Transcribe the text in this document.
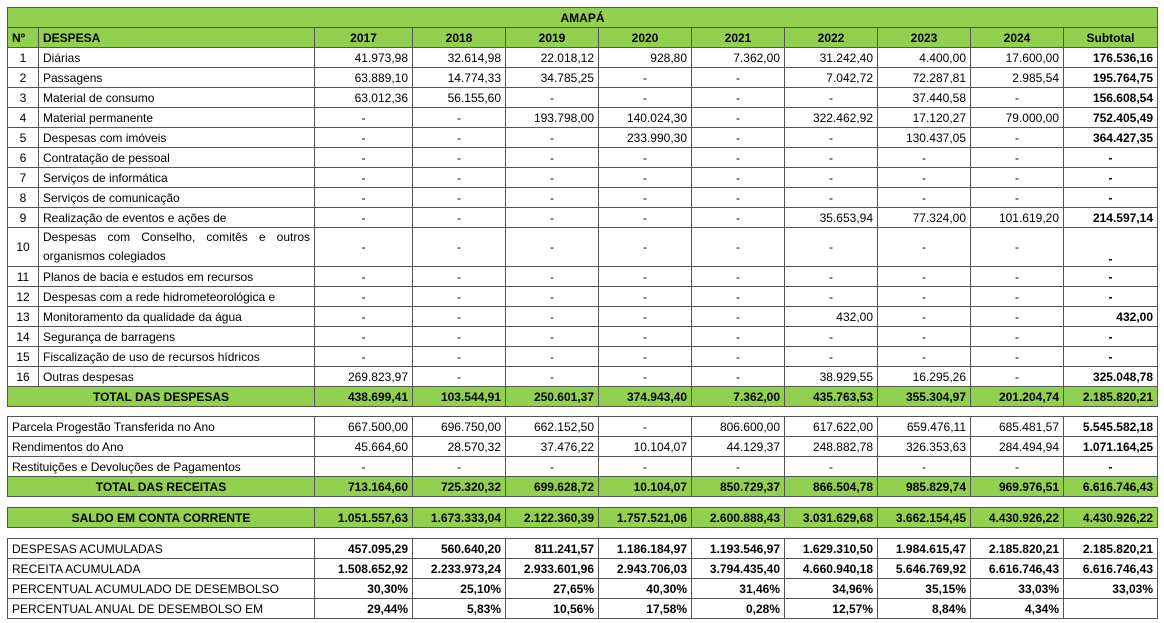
AMAPÁ										
Nº	DESPESA	2017	2018	2019	2020	2021	2022	2023	2024	Subtotal
1	Diárias	41.973,98	32.614,98	22.018,12	928,80	7.362,00	31.242,40	4.400,00	17.600,00	176.536,16
2	Passagens	63.889,10	14.774,33	34.785,25	-	-	7.042,72	72.287,81	2.985,54	195.764,75
3	Material de consumo	63.012,36	56.155,60	-	-	-	-	37.440,58	-	156.608,54
4	Material permanente	-	-	193.798,00	140.024,30	-	322.462,92	17.120,27	79.000,00	752.405,49
5	Despesas com imóveis	-	-	-	233.990,30	-	-	130.437,05	-	364.427,35
6	Contratação de pessoal	-	-	-	-	-	-	-	-	-
7	Serviços de informática	-	-	-	-	-	-	-	-	-
8	Serviços de comunicação	-	-	-	-	-	-	-	-	-
9	Realização de eventos e ações de	-	-	-	-	-	35.653,94	77.324,00	101.619,20	214.597,14
10	Despesas com Conselho, comitês e outros organismos colegiados	-	-	-	-	-	-	-	-	-
11	Planos de bacia e estudos em recursos	-	-	-	-	-	-	-	-	-
12	Despesas com a rede hidrometeorológica e	-	-	-	-	-	-	-	-	-
13	Monitoramento da qualidade da água	-	-	-	-	-	432,00	-	-	432,00
14	Segurança de barragens	-	-	-	-	-	-	-	-	-
15	Fiscalização de uso de recursos hídricos	-	-	-	-	-	-	-	-	-
16	Outras despesas	269.823,97	-	-	-	-	38.929,55	16.295,26	-	325.048,78
TOTAL DAS DESPESAS		438.699,41	103.544,91	250.601,37	374.943,40	7.362,00	435.763,53	355.304,97	201.204,74	2.185.820,21
Parcela Progestão Transferida no Ano	667.500,00	696.750,00	662.152,50	-	806.600,00	617.622,00	659.476,11	685.481,57	5.545.582,18
Rendimentos do Ano	45.664,60	28.570,32	37.476,22	10.104,07	44.129,37	248.882,78	326.353,63	284.494,94	1.071.164,25
Restituições e Devoluções de Pagamentos	-	-	-	-	-	-	-	-	-
TOTAL DAS RECEITAS	713.164,60	725.320,32	699.628,72	10.104,07	850.729,37	866.504,78	985.829,74	969.976,51	6.616.746,43
SALDO EM CONTA CORRENTE	1.051.557,63	1.673.333,04	2.122.360,39	1.757.521,06	2.600.888,43	3.031.629,68	3.662.154,45	4.430.926,22	4.430.926,22
DESPESAS ACUMULADAS	457.095,29	560.640,20	811.241,57	1.186.184,97	1.193.546,97	1.629.310,50	1.984.615,47	2.185.820,21	2.185.820,21
RECEITA ACUMULADA	1.508.652,92	2.233.973,24	2.933.601,96	2.943.706,03	3.794.435,40	4.660.940,18	5.646.769,92	6.616.746,43	6.616.746,43
PERCENTUAL ACUMULADO DE DESEMBOLSO	30,30%	25,10%	27,65%	40,30%	31,46%	34,96%	35,15%	33,03%	33,03%
PERCENTUAL ANUAL DE DESEMBOLSO EM	29,44%	5,83%	10,56%	17,58%	0,28%	12,57%	8,84%	4,34%	
